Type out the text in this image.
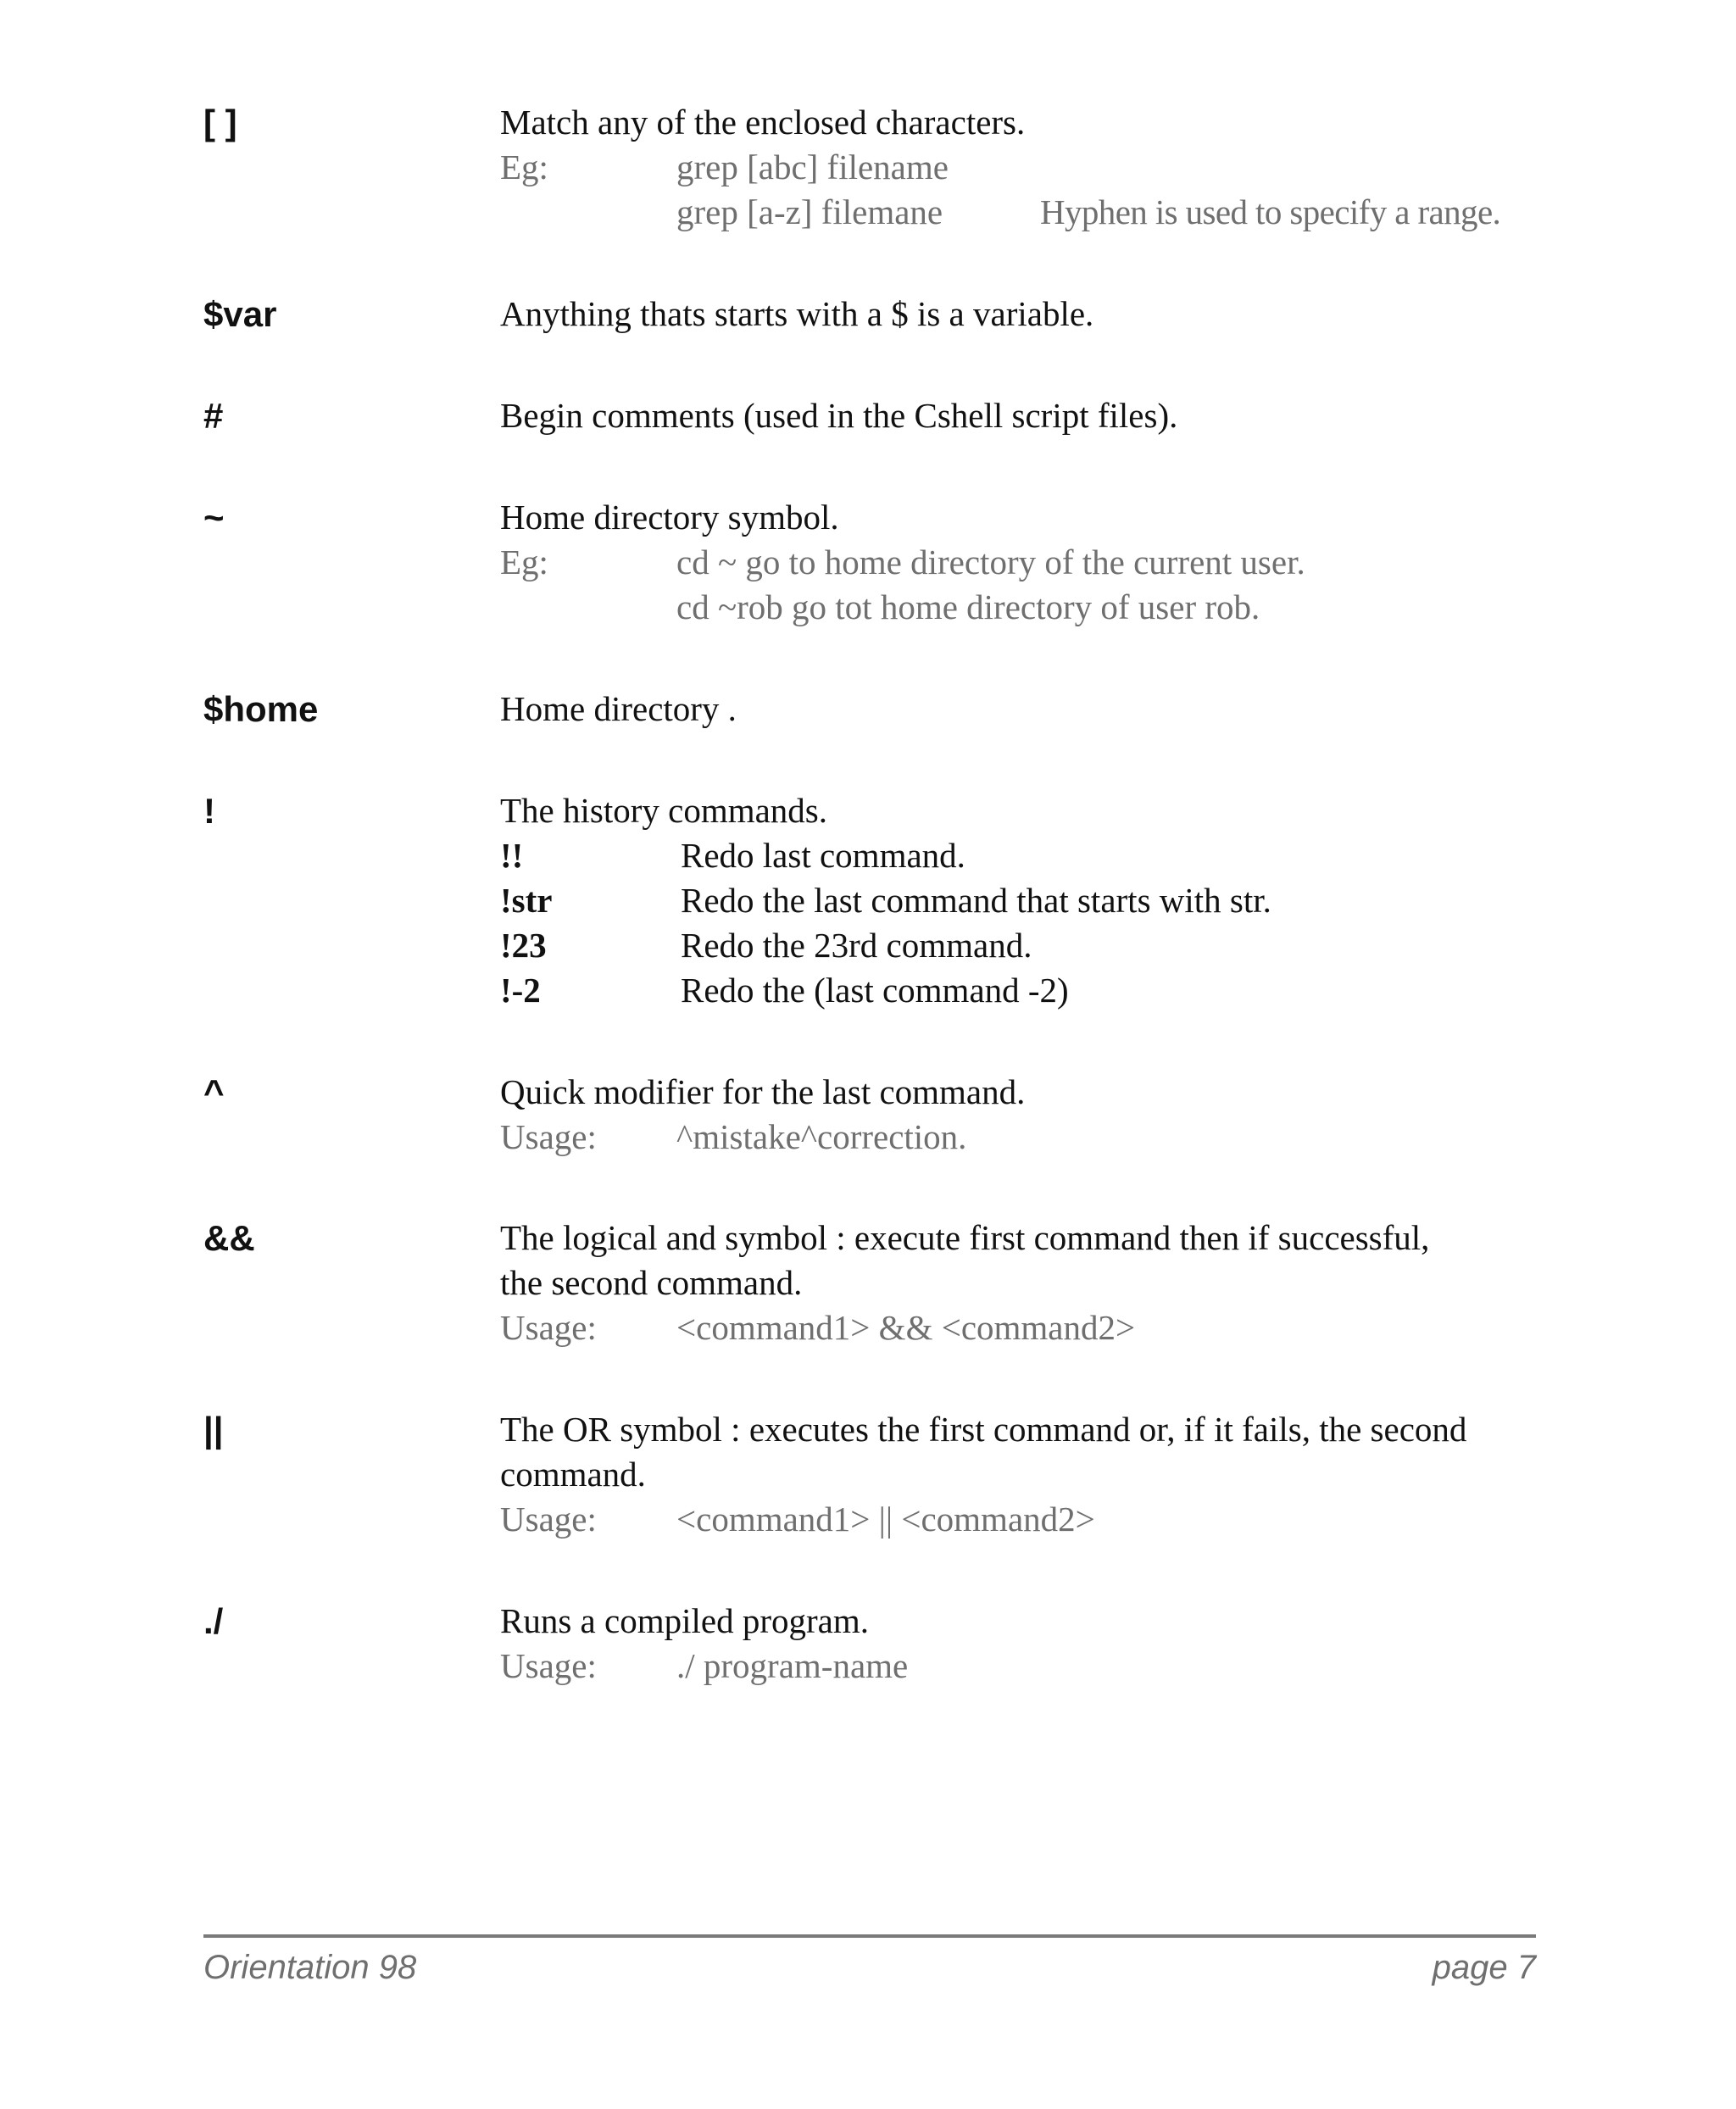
[ ]	Match any of the enclosed characters.
Eg:	grep [abc] filename
grep [a-z] filemane	Hyphen is used to specify a range.
$var	Anything thats starts with a $ is a variable.
#	Begin comments (used in the Cshell script files).
~	Home directory symbol.
Eg:	cd ~ go to home directory of the current user.
cd ~rob go tot home directory of user rob.
$home	Home directory .
!	The history commands.
!!	Redo last command.
!str	Redo the last command that starts with str.
!23	Redo the 23rd command.
!-2	Redo the (last command -2)
^	Quick modifier for the last command.
Usage: ^mistake^correction.
&&	The logical and symbol : execute first command then if successful,
the second command.
Usage: <command1> && <command2>
||	The OR symbol : executes the first command or, if it fails, the second
command.
Usage: <command1> || <command2>
./	Runs a compiled program.
Usage: ./ program-name
Orientation 98	page 7
